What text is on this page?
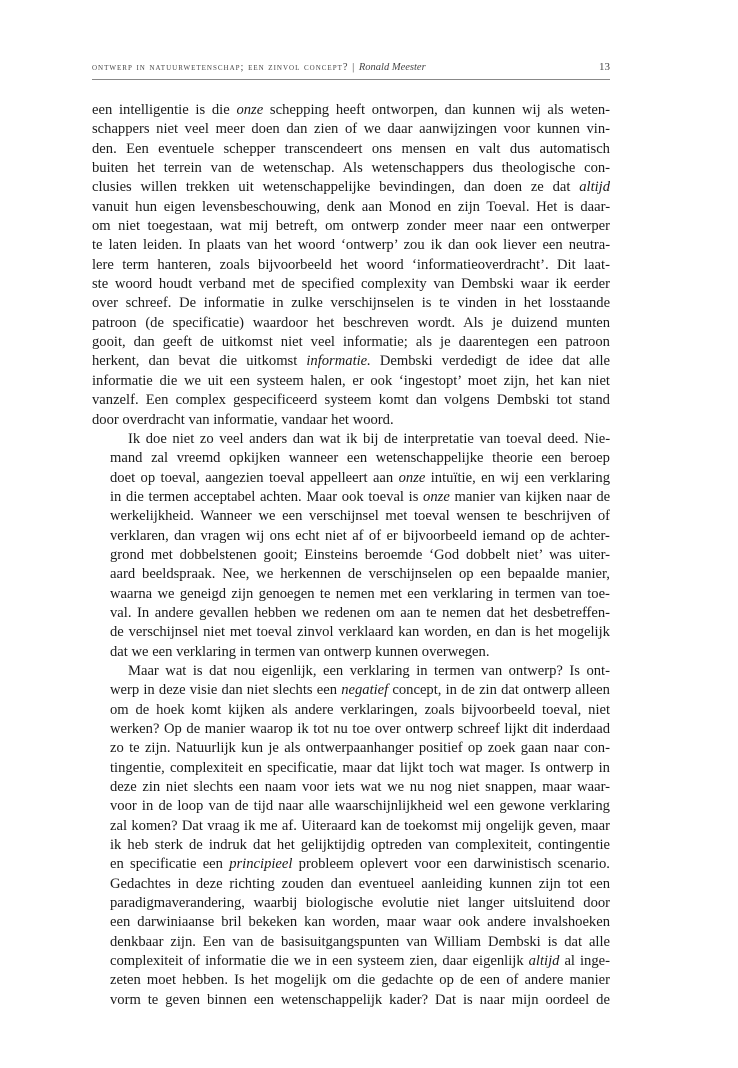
ontwerp in natuurwetenschap; een zinvol concept? | Ronald Meester	13

een intelligentie is die onze schepping heeft ontworpen, dan kunnen wij als weten-
schappers niet veel meer doen dan zien of we daar aanwijzingen voor kunnen vin-
den. Een eventuele schepper transcendeert ons mensen en valt dus automatisch
buiten het terrein van de wetenschap. Als wetenschappers dus theologische con-
clusies willen trekken uit wetenschappelijke bevindingen, dan doen ze dat altijd
vanuit hun eigen levensbeschouwing, denk aan Monod en zijn Toeval. Het is daar-
om niet toegestaan, wat mij betreft, om ontwerp zonder meer naar een ontwerper
te laten leiden. In plaats van het woord ‘ontwerp’ zou ik dan ook liever een neutra-
lere term hanteren, zoals bijvoorbeeld het woord ‘informatieoverdracht’. Dit laat-
ste woord houdt verband met de specified complexity van Dembski waar ik eerder
over schreef. De informatie in zulke verschijnselen is te vinden in het losstaande
patroon (de specificatie) waardoor het beschreven wordt. Als je duizend munten
gooit, dan geeft de uitkomst niet veel informatie; als je daarentegen een patroon
herkent, dan bevat die uitkomst informatie. Dembski verdedigt de idee dat alle
informatie die we uit een systeem halen, er ook ‘ingestopt’ moet zijn, het kan niet
vanzelf. Een complex gespecificeerd systeem komt dan volgens Dembski tot stand
door overdracht van informatie, vandaar het woord.

Ik doe niet zo veel anders dan wat ik bij de interpretatie van toeval deed. Nie-
mand zal vreemd opkijken wanneer een wetenschappelijke theorie een beroep
doet op toeval, aangezien toeval appelleert aan onze intuïtie, en wij een verklaring
in die termen acceptabel achten. Maar ook toeval is onze manier van kijken naar de
werkelijkheid. Wanneer we een verschijnsel met toeval wensen te beschrijven of
verklaren, dan vragen wij ons echt niet af of er bijvoorbeeld iemand op de achter-
grond met dobbelstenen gooit; Einsteins beroemde ‘God dobbelt niet’ was uiter-
aard beeldspraak. Nee, we herkennen de verschijnselen op een bepaalde manier,
waarna we geneigd zijn genoegen te nemen met een verklaring in termen van toe-
val. In andere gevallen hebben we redenen om aan te nemen dat het desbetreffen-
de verschijnsel niet met toeval zinvol verklaard kan worden, en dan is het mogelijk
dat we een verklaring in termen van ontwerp kunnen overwegen.

Maar wat is dat nou eigenlijk, een verklaring in termen van ontwerp? Is ont-
werp in deze visie dan niet slechts een negatief concept, in de zin dat ontwerp alleen
om de hoek komt kijken als andere verklaringen, zoals bijvoorbeeld toeval, niet
werken? Op de manier waarop ik tot nu toe over ontwerp schreef lijkt dit inderdaad
zo te zijn. Natuurlijk kun je als ontwerpaanhanger positief op zoek gaan naar con-
tingentie, complexiteit en specificatie, maar dat lijkt toch wat mager. Is ontwerp in
deze zin niet slechts een naam voor iets wat we nu nog niet snappen, maar waar-
voor in de loop van de tijd naar alle waarschijnlijkheid wel een gewone verklaring
zal komen? Dat vraag ik me af. Uiteraard kan de toekomst mij ongelijk geven, maar
ik heb sterk de indruk dat het gelijktijdig optreden van complexiteit, contingentie
en specificatie een principieel probleem oplevert voor een darwinistisch scenario.
Gedachtes in deze richting zouden dan eventueel aanleiding kunnen zijn tot een
paradigmaverandering, waarbij biologische evolutie niet langer uitsluitend door
een darwiniaanse bril bekeken kan worden, maar waar ook andere invalshoeken
denkbaar zijn. Een van de basisuitgangspunten van William Dembski is dat alle
complexiteit of informatie die we in een systeem zien, daar eigenlijk altijd al inge-
zeten moet hebben. Is het mogelijk om die gedachte op de een of andere manier
vorm te geven binnen een wetenschappelijk kader? Dat is naar mijn oordeel de
